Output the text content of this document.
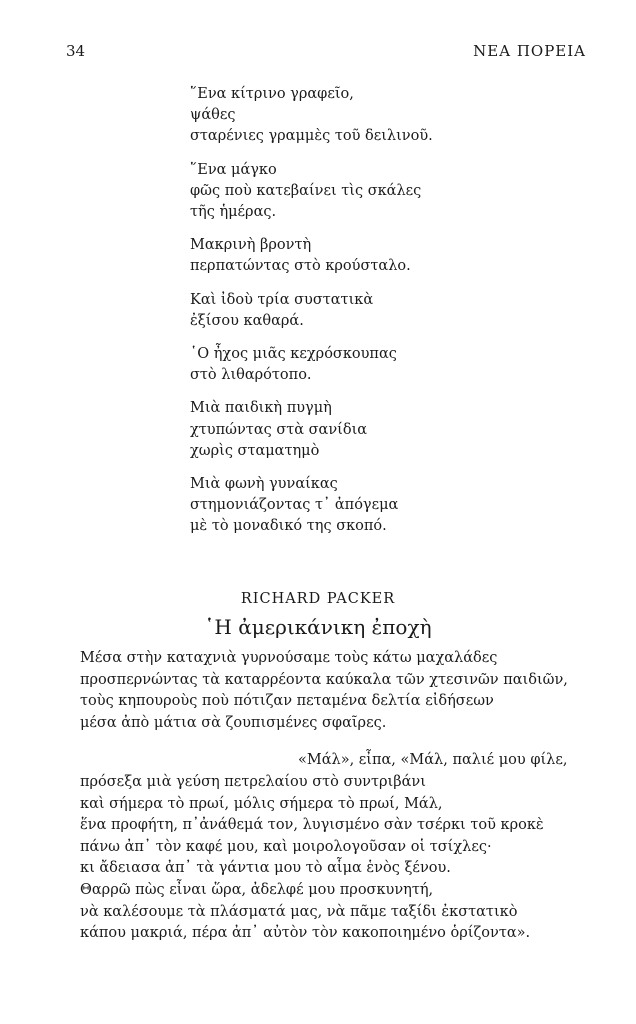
34	ΝΕΑ ΠΟΡΕΙΑ
῞Ενα κίτρινο γραφεῖο,
ψάθες
σταρένιες γραμμὲς τοῦ δειλινοῦ.
῞Ενα μάγκο
φῶς ποὺ κατεβαίνει τὶς σκάλες
τῆς ἡμέρας.
Μακρινὴ βροντὴ
περπατώντας στὸ κρούσταλο.
Καὶ ἰδοὺ τρία συστατικὰ
ἐξίσου καθαρά.
῾Ο ἦχος μιᾶς κεχρόσκουπας
στὸ λιθαρότοπο.
Μιὰ παιδικὴ πυγμὴ
χτυπώντας στὰ σανίδια
χωρὶς σταματημὸ
Μιὰ φωνὴ γυναίκας
στημονιάζοντας τ᾽ ἀπόγεμα
μὲ τὸ μοναδικό της σκοπό.
RICHARD PACKER
῾Η ἀμερικάνικη ἐποχὴ
Μέσα στὴν καταχνιὰ γυρνούσαμε τοὺς κάτω μαχαλάδες
προσπερνώντας τὰ καταρρέοντα καύκαλα τῶν χτεσινῶν παιδιῶν,
τοὺς κηπουροὺς ποὺ πότιζαν πεταμένα δελτία εἰδήσεων
μέσα ἀπὸ μάτια σὰ ζουπισμένες σφαῖρες.
«Μάλ», εἶπα, «Μάλ, παλιέ μου φίλε,
πρόσεξα μιὰ γεύση πετρελαίου στὸ συντριβάνι
καὶ σήμερα τὸ πρωί, μόλις σήμερα τὸ πρωί, Μάλ,
ἕνα προφήτη, π᾽ἀνάθεμά τον, λυγισμένο σὰν τσέρκι τοῦ κροκὲ
πάνω ἀπ᾽ τὸν καφέ μου, καὶ μοιρολογοῦσαν οἱ τσίχλες·
κι ἄδειασα ἀπ᾽ τὰ γάντια μου τὸ αἷμα ἑνὸς ξένου.
Θαρρῶ πὼς εἶναι ὥρα, ἀδελφέ μου προσκυνητή,
νὰ καλέσουμε τὰ πλάσματά μας, νὰ πᾶμε ταξίδι ἐκστατικὸ
κάπου μακριά, πέρα ἀπ᾽ αὐτὸν τὸν κακοποιημένο ὁρίζοντα».
